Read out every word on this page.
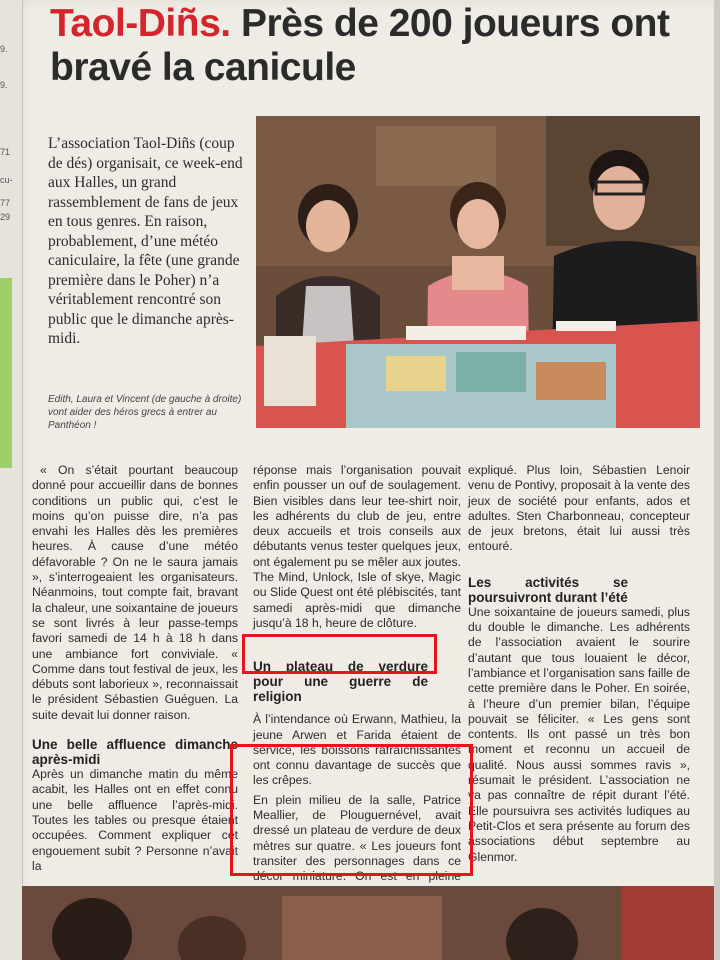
9.
9.
71
cu-
77
29
Taol-Diñs. Près de 200 joueurs ont bravé la canicule
L’association Taol-Diñs (coup de dés) organisait, ce week-end aux Halles, un grand rassemblement de fans de jeux en tous genres. En raison, probablement, d’une météo caniculaire, la fête (une grande première dans le Poher) n’a véritablement rencontré son public que le dimanche après-midi.
Edith, Laura et Vincent (de gauche à droite) vont aider des héros grecs à entrer au Panthéon !

« On s’était pourtant beaucoup donné pour accueillir dans de bonnes conditions un public qui, c’est le moins qu’on puisse dire, n’a pas envahi les Halles dès les premières heures. À cause d’une météo défavorable ? On ne le saura jamais », s’interrogeaient les organisateurs. Néanmoins, tout compte fait, bravant la chaleur, une soixantaine de joueurs se sont livrés à leur passe-temps favori samedi de 14 h à 18 h dans une ambiance fort conviviale. « Comme dans tout festival de jeux, les débuts sont laborieux », reconnaissait le président Sébastien Guéguen. La suite devait lui donner raison.

Une belle affluence dimanche après-midi

Après un dimanche matin du même acabit, les Halles ont en effet connu une belle affluence l’après-midi. Toutes les tables ou presque étaient occupées. Comment expliquer cet engouement subit ? Personne n’avait la

réponse mais l’organisation pouvait enfin pousser un ouf de soulagement. Bien visibles dans leur tee-shirt noir, les adhérents du club de jeu, entre deux accueils et trois conseils aux débutants venus tester quelques jeux, ont également pu se mêler aux joutes. The Mind, Unlock, Isle of skye, Magic ou Slide Quest ont été plébiscités, tant samedi après-midi que dimanche jusqu’à 18 h, heure de clôture.

Un plateau de verdure pour une guerre de religion

À l’intendance où Erwann, Mathieu, la jeune Arwen et Farida étaient de service, les boissons rafraîchissantes ont connu davantage de succès que les crêpes.

En plein milieu de la salle, Patrice Meallier, de Plouguernével, avait dressé un plateau de verdure de deux mètres sur quatre. « Les joueurs font transiter des personnages dans ce décor miniature. On est en pleine

expliqué. Plus loin, Sébastien Lenoir venu de Pontivy, proposait à la vente des jeux de société pour enfants, ados et adultes. Sten Charbonneau, concepteur de jeux bretons, était lui aussi très entouré.

Les activités se poursuivront durant l’été

Une soixantaine de joueurs samedi, plus du double le dimanche. Les adhérents de l’association avaient le sourire d’autant que tous louaient le décor, l’ambiance et l’organisation sans faille de cette première dans le Poher. En soirée, à l’heure d’un premier bilan, l’équipe pouvait se féliciter. « Les gens sont contents. Ils ont passé un très bon moment et reconnu un accueil de qualité. Nous aussi sommes ravis », résumait le président. L’association ne va pas connaître de répit durant l’été. Elle poursuivra ses activités ludiques au Petit-Clos et sera présente au forum des associations début septembre au Glenmor.
